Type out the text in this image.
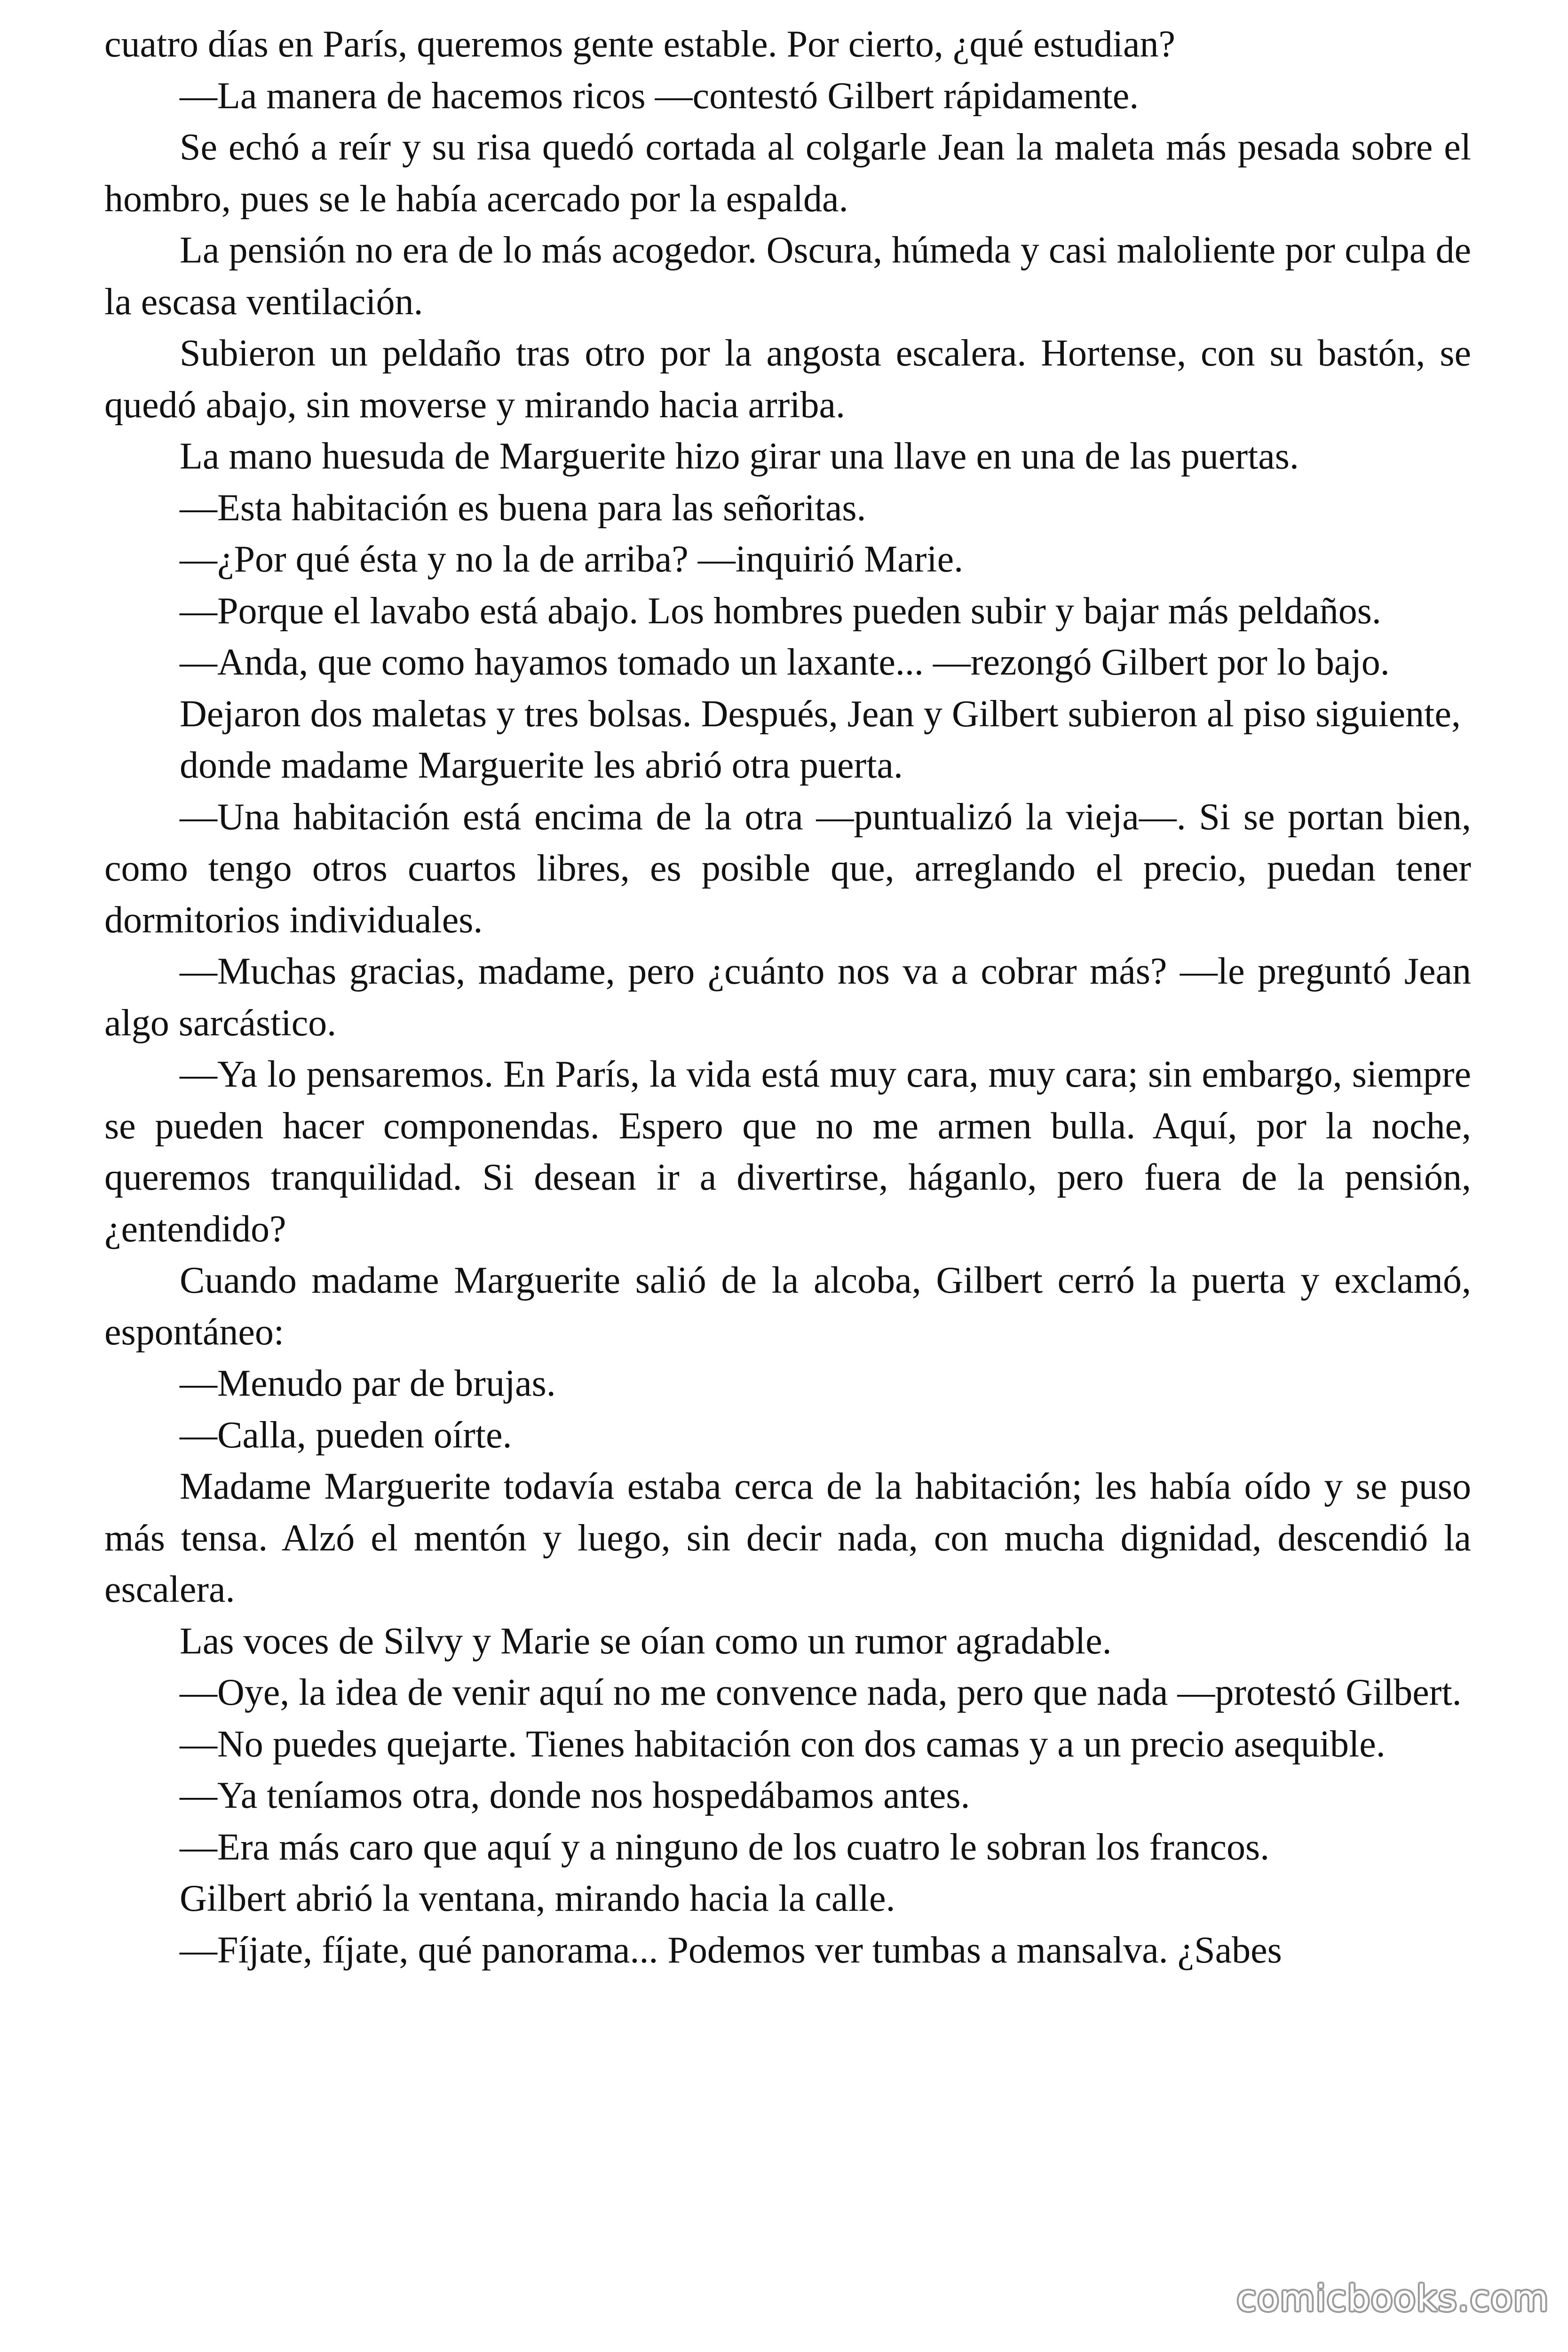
cuatro días en París, queremos gente estable. Por cierto, ¿qué estudian?

—La manera de hacemos ricos —contestó Gilbert rápidamente.

Se echó a reír y su risa quedó cortada al colgarle Jean la maleta más pesada sobre el hombro, pues se le había acercado por la espalda.

La pensión no era de lo más acogedor. Oscura, húmeda y casi maloliente por culpa de la escasa ventilación.

Subieron un peldaño tras otro por la angosta escalera. Hortense, con su bastón, se quedó abajo, sin moverse y mirando hacia arriba.

La mano huesuda de Marguerite hizo girar una llave en una de las puertas.

—Esta habitación es buena para las señoritas.

—¿Por qué ésta y no la de arriba? —inquirió Marie.

—Porque el lavabo está abajo. Los hombres pueden subir y bajar más peldaños.

—Anda, que como hayamos tomado un laxante... —rezongó Gilbert por lo bajo.

Dejaron dos maletas y tres bolsas. Después, Jean y Gilbert subieron al piso siguiente,

donde madame Marguerite les abrió otra puerta.

—Una habitación está encima de la otra —puntualizó la vieja—. Si se portan bien, como tengo otros cuartos libres, es posible que, arreglando el precio, puedan tener dormitorios individuales.

—Muchas gracias, madame, pero ¿cuánto nos va a cobrar más? —le preguntó Jean algo sarcástico.

—Ya lo pensaremos. En París, la vida está muy cara, muy cara; sin embargo, siempre se pueden hacer componendas. Espero que no me armen bulla. Aquí, por la noche, queremos tranquilidad. Si desean ir a divertirse, háganlo, pero fuera de la pensión, ¿entendido?

Cuando madame Marguerite salió de la alcoba, Gilbert cerró la puerta y exclamó, espontáneo:

—Menudo par de brujas.

—Calla, pueden oírte.

Madame Marguerite todavía estaba cerca de la habitación; les había oído y se puso más tensa. Alzó el mentón y luego, sin decir nada, con mucha dignidad, descendió la escalera.

Las voces de Silvy y Marie se oían como un rumor agradable.

—Oye, la idea de venir aquí no me convence nada, pero que nada —protestó Gilbert.

—No puedes quejarte. Tienes habitación con dos camas y a un precio asequible.

—Ya teníamos otra, donde nos hospedábamos antes.

—Era más caro que aquí y a ninguno de los cuatro le sobran los francos.

Gilbert abrió la ventana, mirando hacia la calle.

—Fíjate, fíjate, qué panorama... Podemos ver tumbas a mansalva. ¿Sabes

comicbooks.com
